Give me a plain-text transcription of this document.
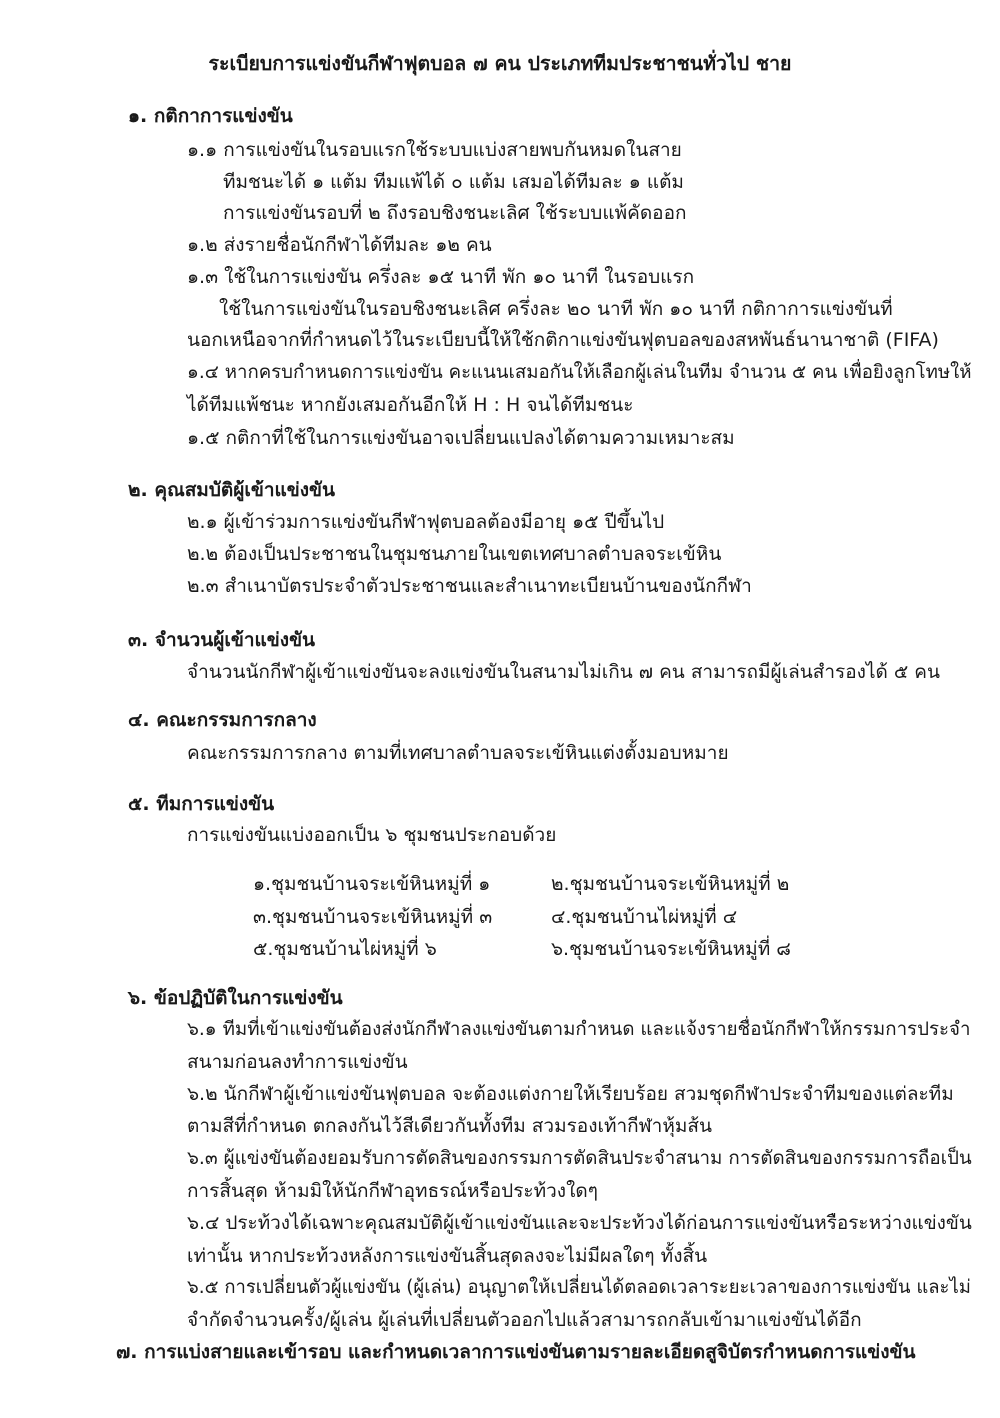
ระเบียบการแข่งขันกีฬาฟุตบอล ๗ คน ประเภททีมประชาชนทั่วไป ชาย
๑. กติกาการแข่งขัน
๑.๑ การแข่งขันในรอบแรกใช้ระบบแบ่งสายพบกันหมดในสาย
ทีมชนะได้ ๑ แต้ม ทีมแพ้ได้ ๐ แต้ม เสมอได้ทีมละ ๑ แต้ม
การแข่งขันรอบที่ ๒ ถึงรอบชิงชนะเลิศ ใช้ระบบแพ้คัดออก
๑.๒ ส่งรายชื่อนักกีฬาได้ทีมละ ๑๒ คน
๑.๓ ใช้ในการแข่งขัน ครึ่งละ ๑๕ นาที พัก ๑๐ นาที ในรอบแรก
ใช้ในการแข่งขันในรอบชิงชนะเลิศ ครึ่งละ ๒๐ นาที พัก ๑๐ นาที กติกาการแข่งขันที่
นอกเหนือจากที่กำหนดไว้ในระเบียบนี้ให้ใช้กติกาแข่งขันฟุตบอลของสหพันธ์นานาชาติ (FIFA)
๑.๔ หากครบกำหนดการแข่งขัน คะแนนเสมอกันให้เลือกผู้เล่นในทีม จำนวน ๕ คน เพื่อยิงลูกโทษให้
ได้ทีมแพ้ชนะ หากยังเสมอกันอีกให้ H : H จนได้ทีมชนะ
๑.๕ กติกาที่ใช้ในการแข่งขันอาจเปลี่ยนแปลงได้ตามความเหมาะสม
๒. คุณสมบัติผู้เข้าแข่งขัน
๒.๑ ผู้เข้าร่วมการแข่งขันกีฬาฟุตบอลต้องมีอายุ ๑๕ ปีขึ้นไป
๒.๒ ต้องเป็นประชาชนในชุมชนภายในเขตเทศบาลตำบลจระเข้หิน
๒.๓ สำเนาบัตรประจำตัวประชาชนและสำเนาทะเบียนบ้านของนักกีฬา
๓. จำนวนผู้เข้าแข่งขัน
จำนวนนักกีฬาผู้เข้าแข่งขันจะลงแข่งขันในสนามไม่เกิน ๗ คน สามารถมีผู้เล่นสำรองได้ ๕ คน
๔. คณะกรรมการกลาง
คณะกรรมการกลาง ตามที่เทศบาลตำบลจระเข้หินแต่งตั้งมอบหมาย
๕. ทีมการแข่งขัน
การแข่งขันแบ่งออกเป็น ๖ ชุมชนประกอบด้วย
๑.ชุมชนบ้านจระเข้หินหมู่ที่ ๑	๒.ชุมชนบ้านจระเข้หินหมู่ที่ ๒
๓.ชุมชนบ้านจระเข้หินหมู่ที่ ๓	๔.ชุมชนบ้านไผ่หมู่ที่ ๔
๕.ชุมชนบ้านไผ่หมู่ที่ ๖	๖.ชุมชนบ้านจระเข้หินหมู่ที่ ๘
๖. ข้อปฏิบัติในการแข่งขัน
๖.๑ ทีมที่เข้าแข่งขันต้องส่งนักกีฬาลงแข่งขันตามกำหนด และแจ้งรายชื่อนักกีฬาให้กรรมการประจำ
สนามก่อนลงทำการแข่งขัน
๖.๒ นักกีฬาผู้เข้าแข่งขันฟุตบอล จะต้องแต่งกายให้เรียบร้อย สวมชุดกีฬาประจำทีมของแต่ละทีม
ตามสีที่กำหนด ตกลงกันไว้สีเดียวกันทั้งทีม สวมรองเท้ากีฬาหุ้มส้น
๖.๓ ผู้แข่งขันต้องยอมรับการตัดสินของกรรมการตัดสินประจำสนาม การตัดสินของกรรมการถือเป็น
การสิ้นสุด ห้ามมิให้นักกีฬาอุทธรณ์หรือประท้วงใดๆ
๖.๔ ประท้วงได้เฉพาะคุณสมบัติผู้เข้าแข่งขันและจะประท้วงได้ก่อนการแข่งขันหรือระหว่างแข่งขัน
เท่านั้น หากประท้วงหลังการแข่งขันสิ้นสุดลงจะไม่มีผลใดๆ ทั้งสิ้น
๖.๕ การเปลี่ยนตัวผู้แข่งขัน (ผู้เล่น) อนุญาตให้เปลี่ยนได้ตลอดเวลาระยะเวลาของการแข่งขัน และไม่
จำกัดจำนวนครั้ง/ผู้เล่น ผู้เล่นที่เปลี่ยนตัวออกไปแล้วสามารถกลับเข้ามาแข่งขันได้อีก
๗. การแบ่งสายและเข้ารอบ และกำหนดเวลาการแข่งขันตามรายละเอียดสูจิบัตรกำหนดการแข่งขัน
